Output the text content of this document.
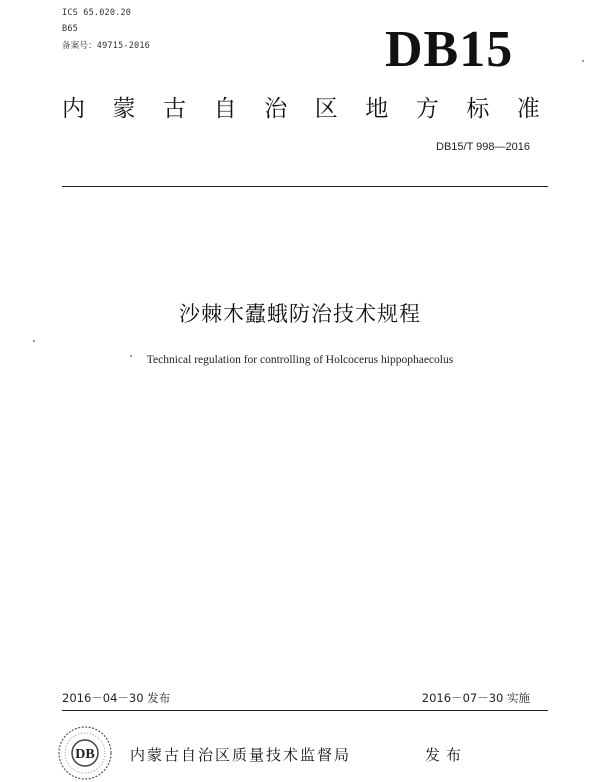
ICS 65.020.20
B65
备案号：49715-2016	DB15
内 蒙 古 自 治 区 地 方 标 准
DB15/T 998—2016
沙棘木蠹蛾防治技术规程
Technical regulation for controlling of Holcocerus hippophaecolus
2016－04－30 发布	2016－07－30 实施
DB 内蒙古自治区质量技术监督局	发布
